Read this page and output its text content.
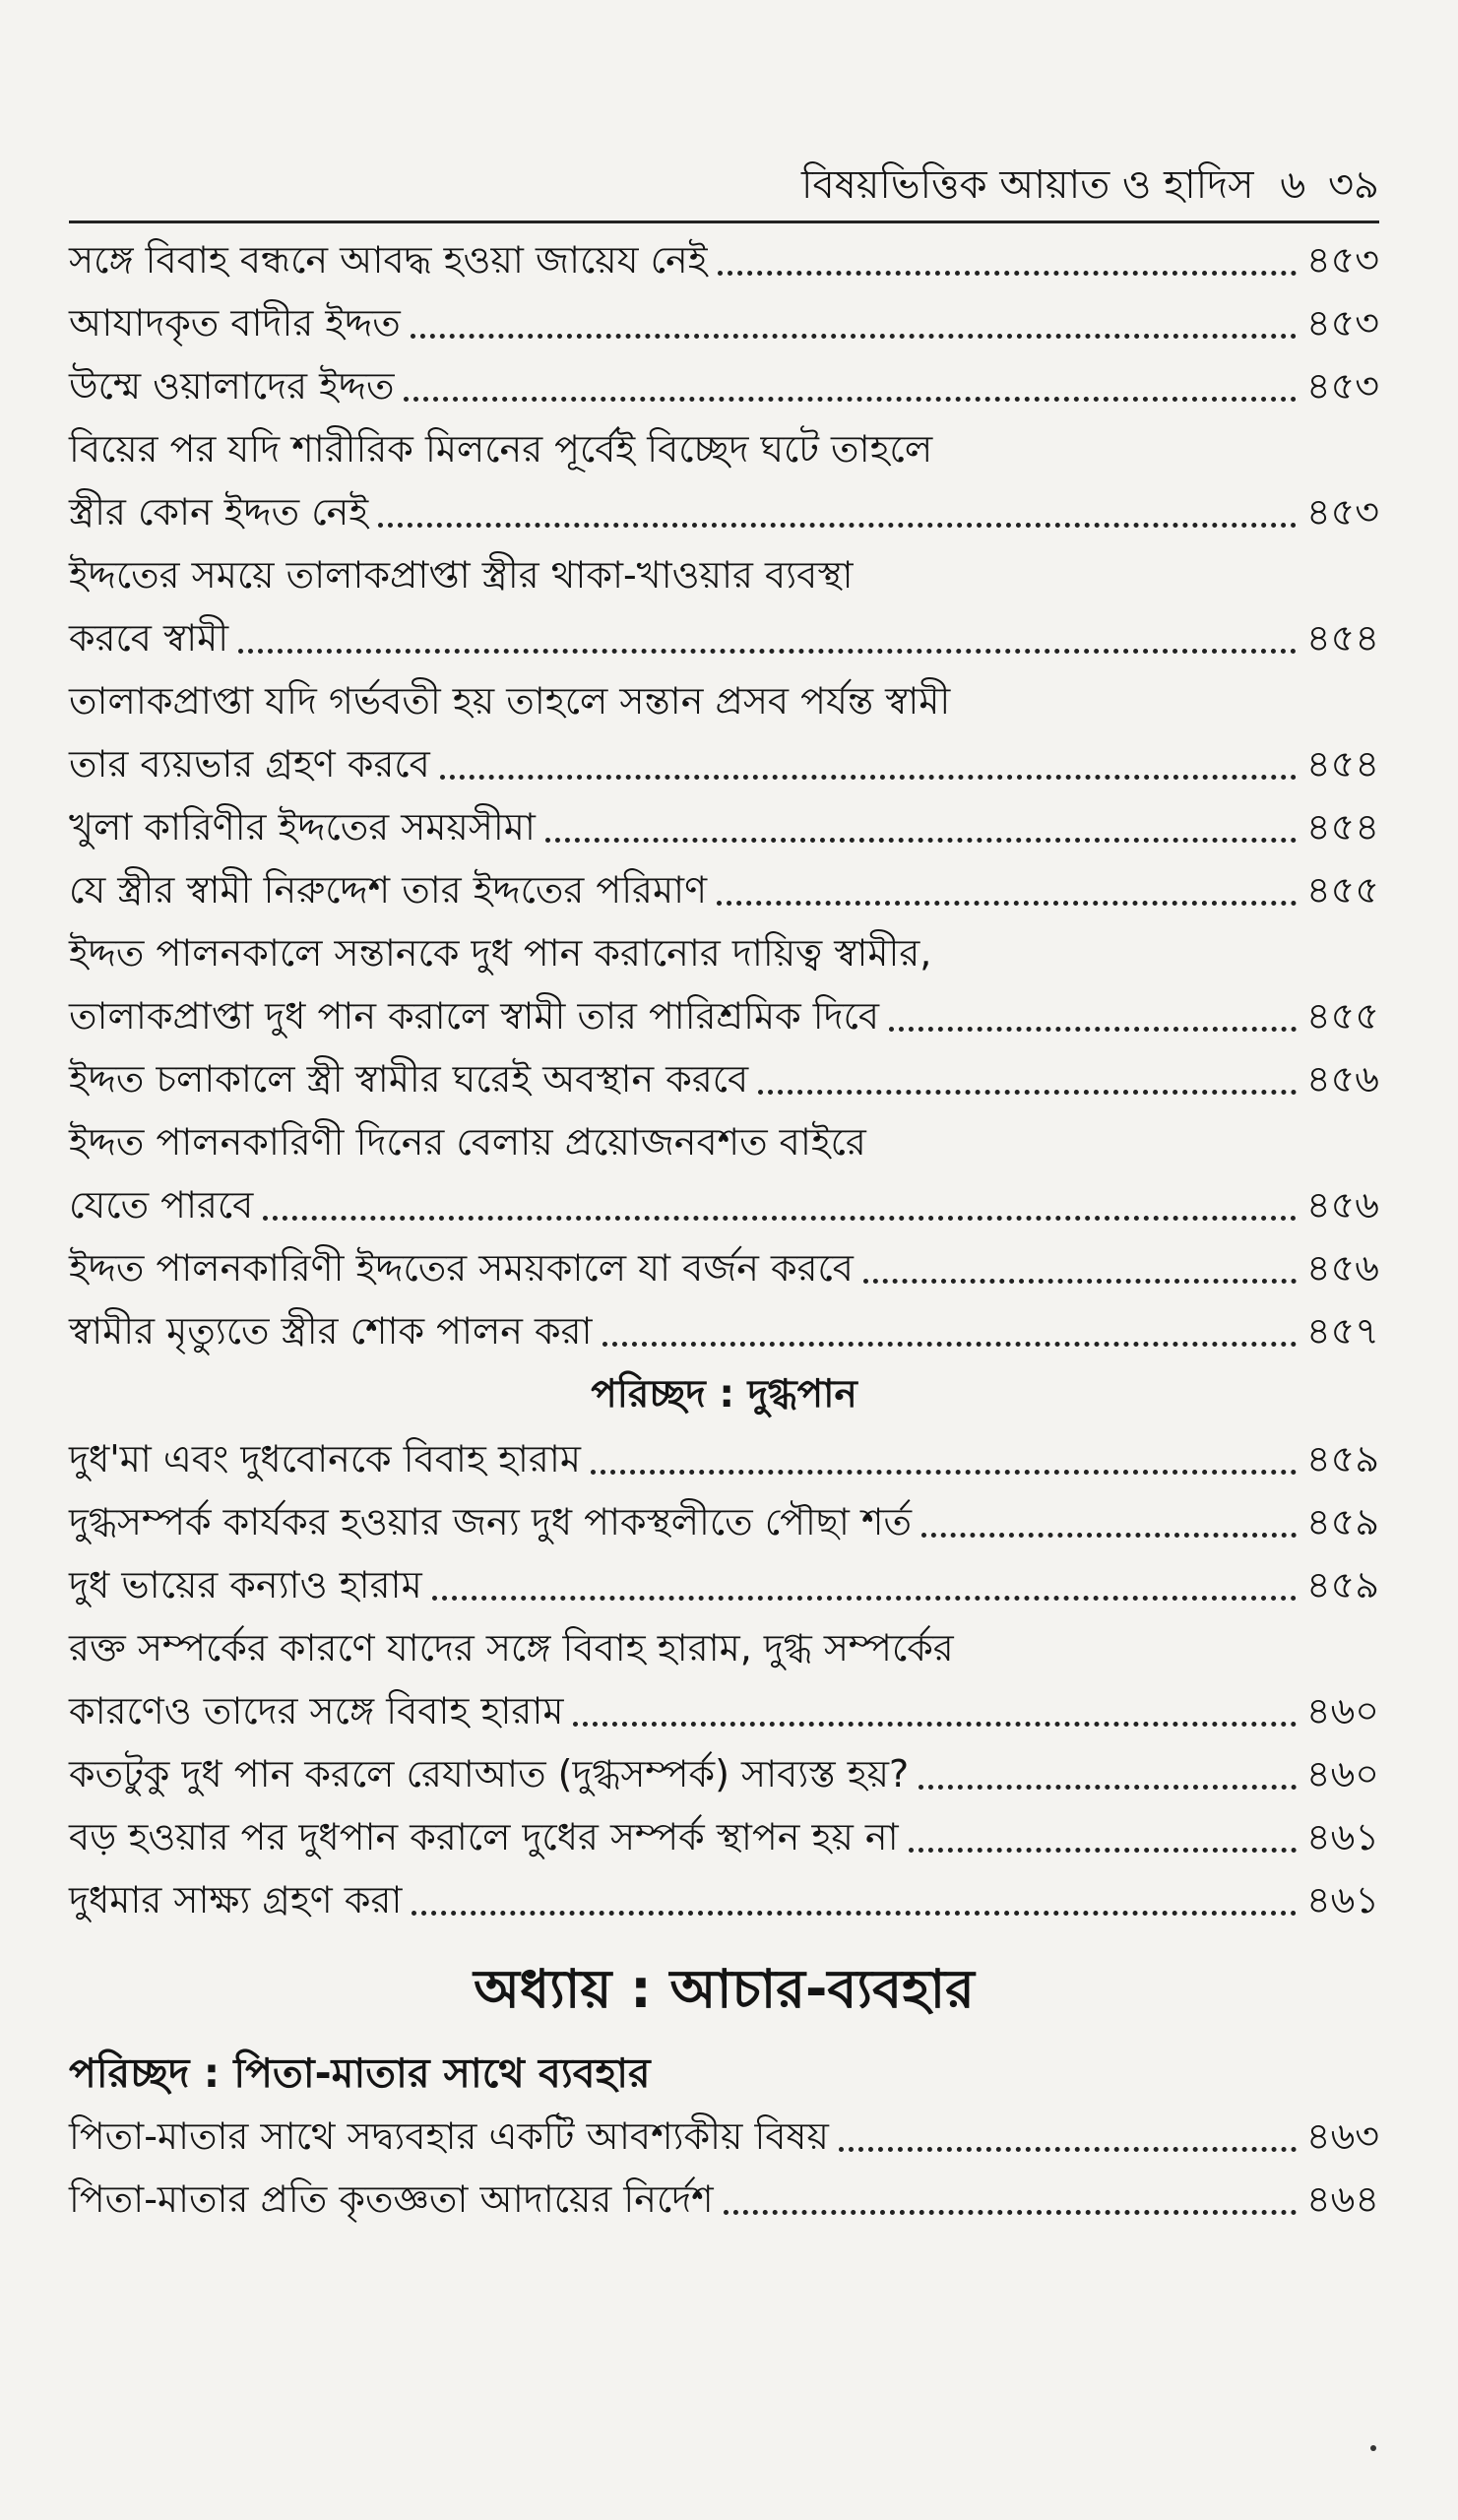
বিষয়ভিত্তিক আয়াত ও হাদিস ৬ ৩৯
সঙ্গে বিবাহ বন্ধনে আবদ্ধ হওয়া জায়েয নেই	৪৫৩
আযাদকৃত বাদীর ইদ্দত	৪৫৩
উম্মে ওয়ালাদের ইদ্দত	৪৫৩
বিয়ের পর যদি শারীরিক মিলনের পূর্বেই বিচ্ছেদ ঘটে তাহলে
স্ত্রীর কোন ইদ্দত নেই	৪৫৩
ইদ্দতের সময়ে তালাকপ্রাপ্তা স্ত্রীর থাকা-খাওয়ার ব্যবস্থা
করবে স্বামী	৪৫৪
তালাকপ্রাপ্তা যদি গর্ভবতী হয় তাহলে সন্তান প্রসব পর্যন্ত স্বামী
তার ব্যয়ভার গ্রহণ করবে	৪৫৪
খুলা কারিণীর ইদ্দতের সময়সীমা	৪৫৪
যে স্ত্রীর স্বামী নিরুদ্দেশ তার ইদ্দতের পরিমাণ	৪৫৫
ইদ্দত পালনকালে সন্তানকে দুধ পান করানোর দায়িত্ব স্বামীর,
তালাকপ্রাপ্তা দুধ পান করালে স্বামী তার পারিশ্রমিক দিবে	৪৫৫
ইদ্দত চলাকালে স্ত্রী স্বামীর ঘরেই অবস্থান করবে	৪৫৬
ইদ্দত পালনকারিণী দিনের বেলায় প্রয়োজনবশত বাইরে
যেতে পারবে	৪৫৬
ইদ্দত পালনকারিণী ইদ্দতের সময়কালে যা বর্জন করবে	৪৫৬
স্বামীর মৃত্যুতে স্ত্রীর শোক পালন করা	৪৫৭
পরিচ্ছদ : দুগ্ধপান
দুধ'মা এবং দুধবোনকে বিবাহ হারাম	৪৫৯
দুগ্ধসম্পর্ক কার্যকর হওয়ার জন্য দুধ পাকস্থলীতে পৌছা শর্ত	৪৫৯
দুধ ভায়ের কন্যাও হারাম	৪৫৯
রক্ত সম্পর্কের কারণে যাদের সঙ্গে বিবাহ হারাম, দুগ্ধ সম্পর্কের
কারণেও তাদের সঙ্গে বিবাহ হারাম	৪৬০
কতটুকু দুধ পান করলে রেযাআত (দুগ্ধসম্পর্ক) সাব্যস্ত হয়?	৪৬০
বড় হওয়ার পর দুধপান করালে দুধের সম্পর্ক স্থাপন হয় না	৪৬১
দুধমার সাক্ষ্য গ্রহণ করা	৪৬১
অধ্যায় : আচার-ব্যবহার
পরিচ্ছদ : পিতা-মাতার সাথে ব্যবহার
পিতা-মাতার সাথে সদ্ব্যবহার একটি আবশ্যকীয় বিষয়	৪৬৩
পিতা-মাতার প্রতি কৃতজ্ঞতা আদায়ের নির্দেশ	৪৬৪
